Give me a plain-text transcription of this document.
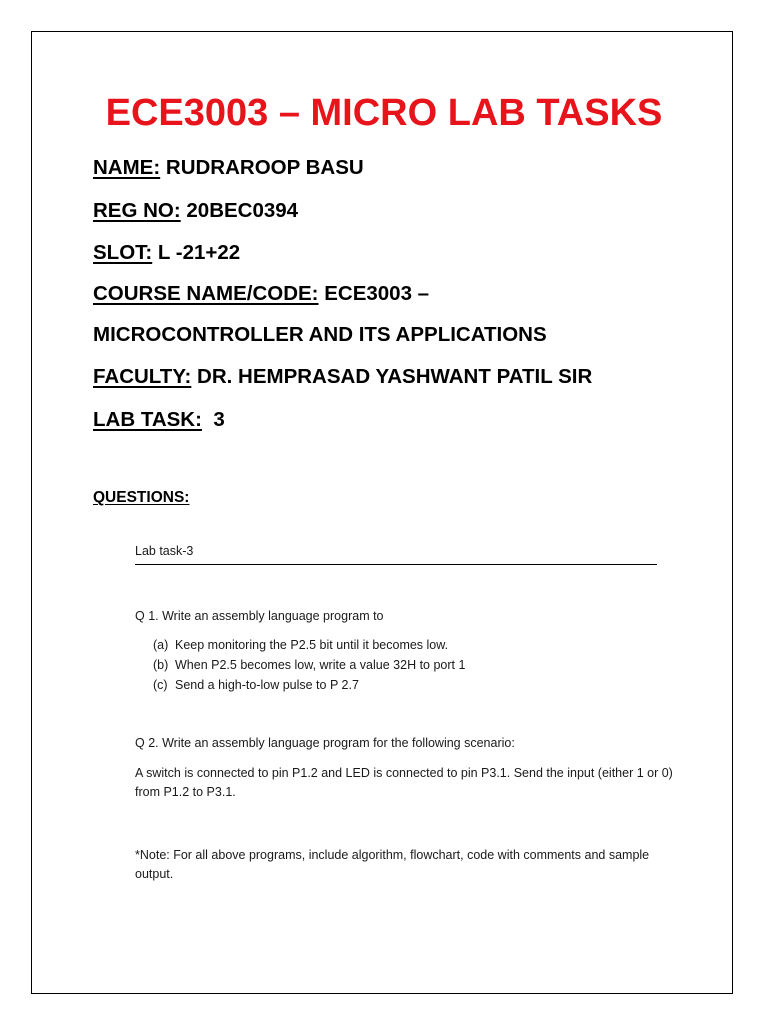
ECE3003 – MICRO LAB TASKS
NAME: RUDRAROOP BASU
REG NO: 20BEC0394
SLOT: L -21+22
COURSE NAME/CODE: ECE3003 –
MICROCONTROLLER AND ITS APPLICATIONS
FACULTY: DR. HEMPRASAD YASHWANT PATIL SIR
LAB TASK:  3
QUESTIONS:
Lab task-3
Q 1. Write an assembly language program to
(a) Keep monitoring the P2.5 bit until it becomes low.
(b) When P2.5 becomes low, write a value 32H to port 1
(c) Send a high-to-low pulse to P 2.7
Q 2. Write an assembly language program for the following scenario:
A switch is connected to pin P1.2 and LED is connected to pin P3.1. Send the input (either 1 or 0)
from P1.2 to P3.1.
*Note: For all above programs, include algorithm, flowchart, code with comments and sample
output.
